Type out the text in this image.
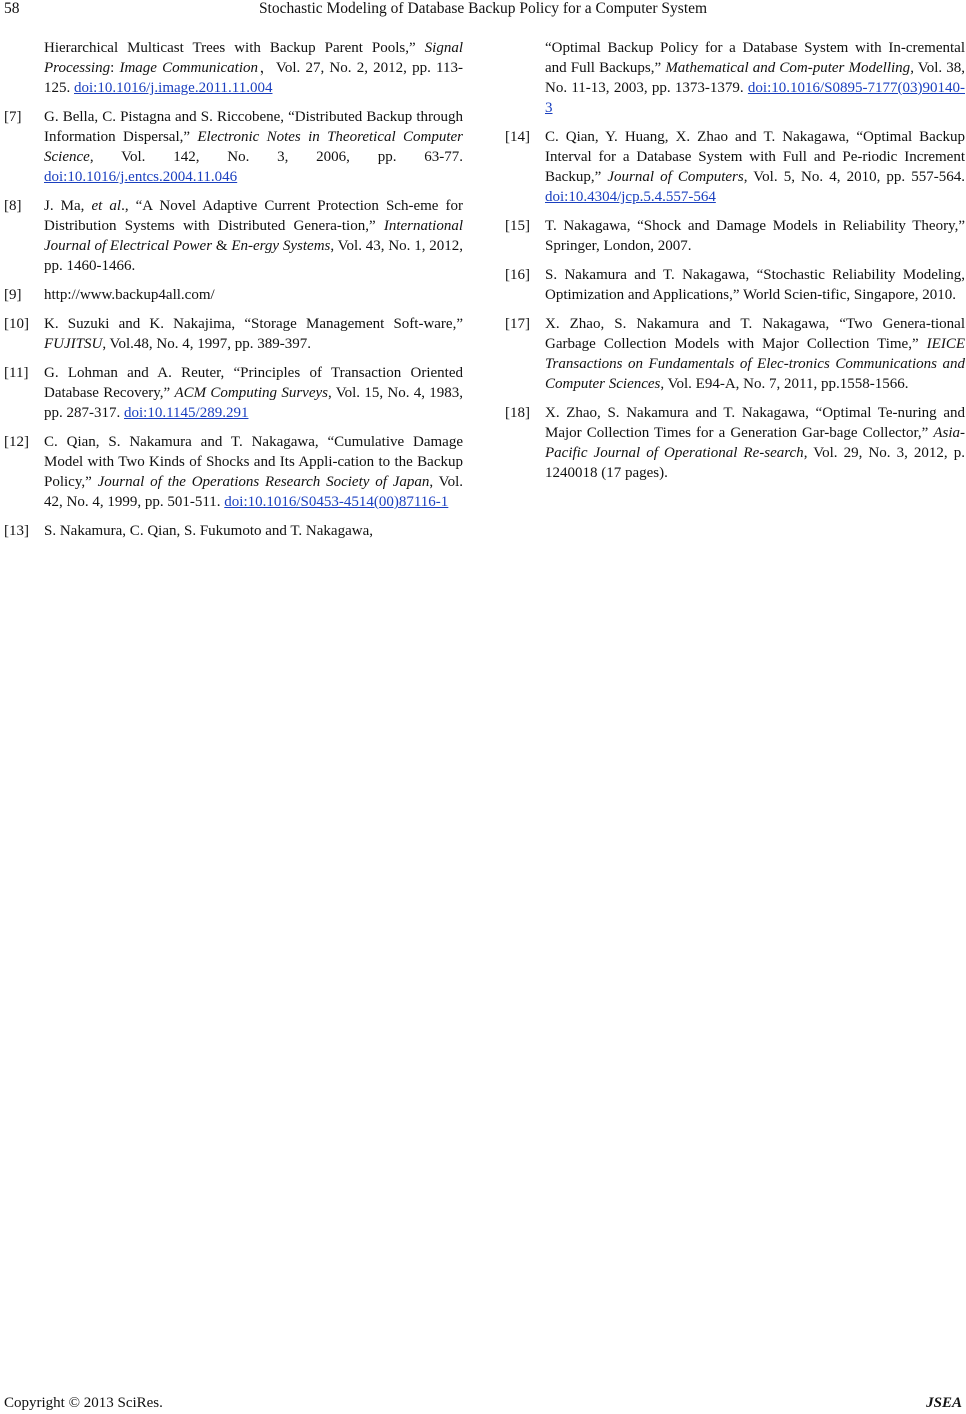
58	Stochastic Modeling of Database Backup Policy for a Computer System
Hierarchical Multicast Trees with Backup Parent Pools,” Signal Processing: Image Communication，Vol. 27, No. 2, 2012, pp. 113-125. doi:10.1016/j.image.2011.11.004
[7]	G. Bella, C. Pistagna and S. Riccobene, “Distributed Backup through Information Dispersal,” Electronic Notes in Theoretical Computer Science, Vol. 142, No. 3, 2006, pp. 63-77. doi:10.1016/j.entcs.2004.11.046
[8]	J. Ma, et al., “A Novel Adaptive Current Protection Sch-eme for Distribution Systems with Distributed Genera-tion,” International Journal of Electrical Power & En-ergy Systems, Vol. 43, No. 1, 2012, pp. 1460-1466.
[9]	http://www.backup4all.com/
[10]	K. Suzuki and K. Nakajima, “Storage Management Soft-ware,” FUJITSU, Vol.48, No. 4, 1997, pp. 389-397.
[11]	G. Lohman and A. Reuter, “Principles of Transaction Oriented Database Recovery,” ACM Computing Surveys, Vol. 15, No. 4, 1983, pp. 287-317. doi:10.1145/289.291
[12]	C. Qian, S. Nakamura and T. Nakagawa, “Cumulative Damage Model with Two Kinds of Shocks and Its Appli-cation to the Backup Policy,” Journal of the Operations Research Society of Japan, Vol. 42, No. 4, 1999, pp. 501-511. doi:10.1016/S0453-4514(00)87116-1
[13]	S. Nakamura, C. Qian, S. Fukumoto and T. Nakagawa,
“Optimal Backup Policy for a Database System with In-cremental and Full Backups,” Mathematical and Com-puter Modelling, Vol. 38, No. 11-13, 2003, pp. 1373-1379. doi:10.1016/S0895-7177(03)90140-3
[14]	C. Qian, Y. Huang, X. Zhao and T. Nakagawa, “Optimal Backup Interval for a Database System with Full and Pe-riodic Increment Backup,” Journal of Computers, Vol. 5, No. 4, 2010, pp. 557-564. doi:10.4304/jcp.5.4.557-564
[15]	T. Nakagawa, “Shock and Damage Models in Reliability Theory,” Springer, London, 2007.
[16]	S. Nakamura and T. Nakagawa, “Stochastic Reliability Modeling, Optimization and Applications,” World Scien-tific, Singapore, 2010.
[17]	X. Zhao, S. Nakamura and T. Nakagawa, “Two Genera-tional Garbage Collection Models with Major Collection Time,” IEICE Transactions on Fundamentals of Elec-tronics Communications and Computer Sciences, Vol. E94-A, No. 7, 2011, pp.1558-1566.
[18]	X. Zhao, S. Nakamura and T. Nakagawa, “Optimal Te-nuring and Major Collection Times for a Generation Gar-bage Collector,” Asia-Pacific Journal of Operational Re-search, Vol. 29, No. 3, 2012, p. 1240018 (17 pages).
Copyright © 2013 SciRes.	JSEA
